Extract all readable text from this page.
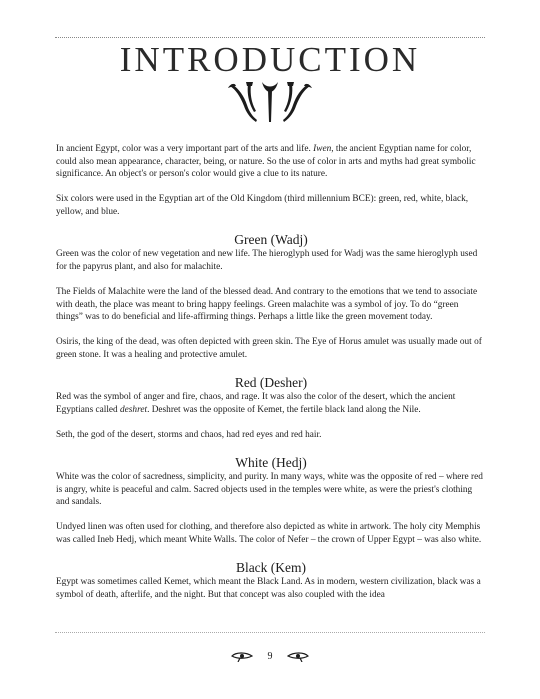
INTRODUCTION

In ancient Egypt, color was a very important part of the arts and life. Iwen, the ancient Egyptian name for color, could also mean appearance, character, being, or nature. So the use of color in arts and myths had great symbolic significance. An object's or person's color would give a clue to its nature.

Six colors were used in the Egyptian art of the Old Kingdom (third millennium BCE): green, red, white, black, yellow, and blue.

Green (Wadj)

Green was the color of new vegetation and new life. The hieroglyph used for Wadj was the same hieroglyph used for the papyrus plant, and also for malachite.

The Fields of Malachite were the land of the blessed dead. And contrary to the emotions that we tend to associate with death, the place was meant to bring happy feelings. Green malachite was a symbol of joy. To do “green things” was to do beneficial and life-affirming things. Perhaps a little like the green movement today.

Osiris, the king of the dead, was often depicted with green skin. The Eye of Horus amulet was usually made out of green stone. It was a healing and protective amulet.

Red (Desher)

Red was the symbol of anger and fire, chaos, and rage. It was also the color of the desert, which the ancient Egyptians called deshret. Deshret was the opposite of Kemet, the fertile black land along the Nile.

Seth, the god of the desert, storms and chaos, had red eyes and red hair.

White (Hedj)

White was the color of sacredness, simplicity, and purity. In many ways, white was the opposite of red – where red is angry, white is peaceful and calm. Sacred objects used in the temples were white, as were the priest's clothing and sandals.

Undyed linen was often used for clothing, and therefore also depicted as white in artwork. The holy city Memphis was called Ineb Hedj, which meant White Walls. The color of Nefer – the crown of Upper Egypt – was also white.

Black (Kem)

Egypt was sometimes called Kemet, which meant the Black Land. As in modern, western civilization, black was a symbol of death, afterlife, and the night. But that concept was also coupled with the idea

9
